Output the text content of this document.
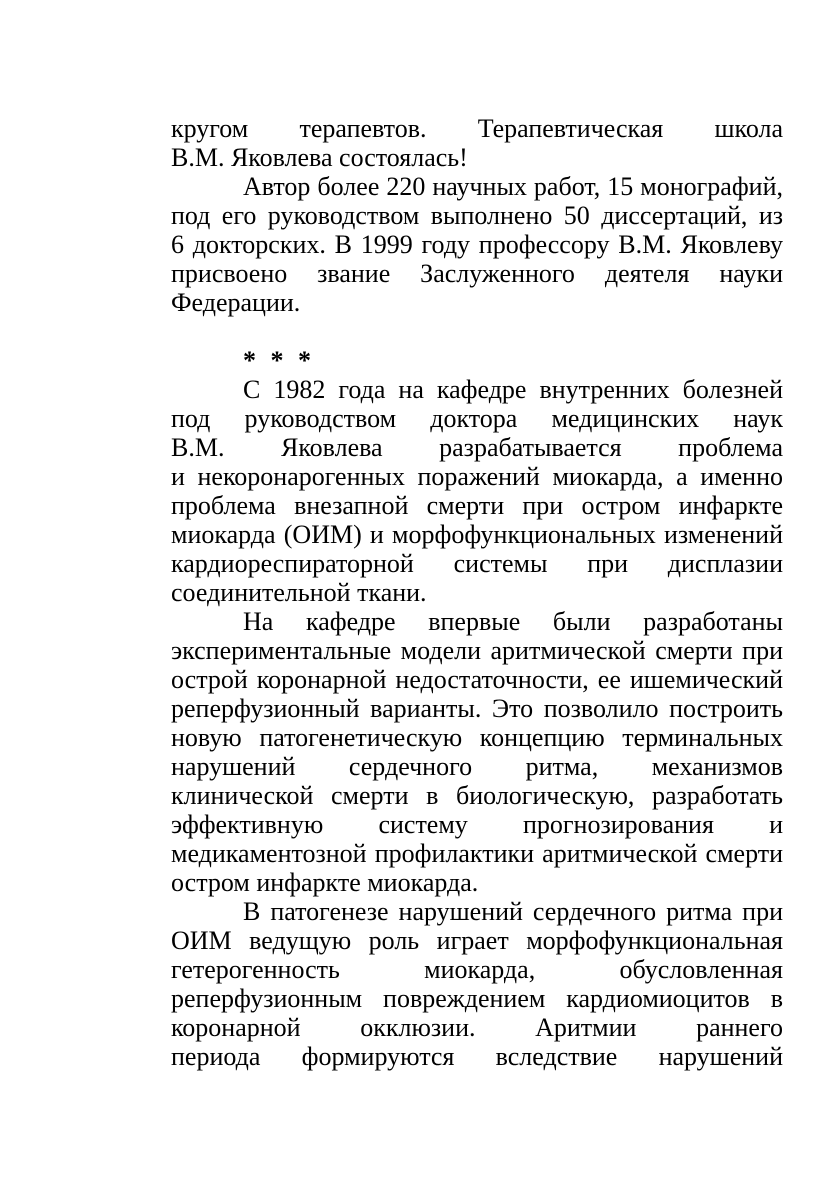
кругом терапевтов. Терапевтическая школа
В.М. Яковлева состоялась!
Автор более 220 научных работ, 15 монографий,
под его руководством выполнено 50 диссертаций, из
6 докторских. В 1999 году профессору В.М. Яковлеву
присвоено звание Заслуженного деятеля науки
Федерации.
* * *
С 1982 года на кафедре внутренних болезней
под руководством доктора медицинских наук
В.М. Яковлева разрабатывается проблема
и некоронарогенных поражений миокарда, а именно
проблема внезапной смерти при остром инфаркте
миокарда (ОИМ) и морфофункциональных изменений
кардиореспираторной системы при дисплазии
соединительной ткани.
На кафедре впервые были разработаны
экспериментальные модели аритмической смерти при
острой коронарной недостаточности, ее ишемический
реперфузионный варианты. Это позволило построить
новую патогенетическую концепцию терминальных
нарушений сердечного ритма, механизмов
клинической смерти в биологическую, разработать
эффективную системy прогнозирования и
медикаментозной профилактики аритмической смерти
остром инфаркте миокарда.
В патогенезе нарушений сердечного ритма при
ОИМ ведущую роль играет морфофункциональная
гетерогенность миокарда, обусловленная
реперфузионным повреждением кардиомиоцитов в
коронарной окклюзии. Аритмии раннего
периода формируются вследствие нарушений
